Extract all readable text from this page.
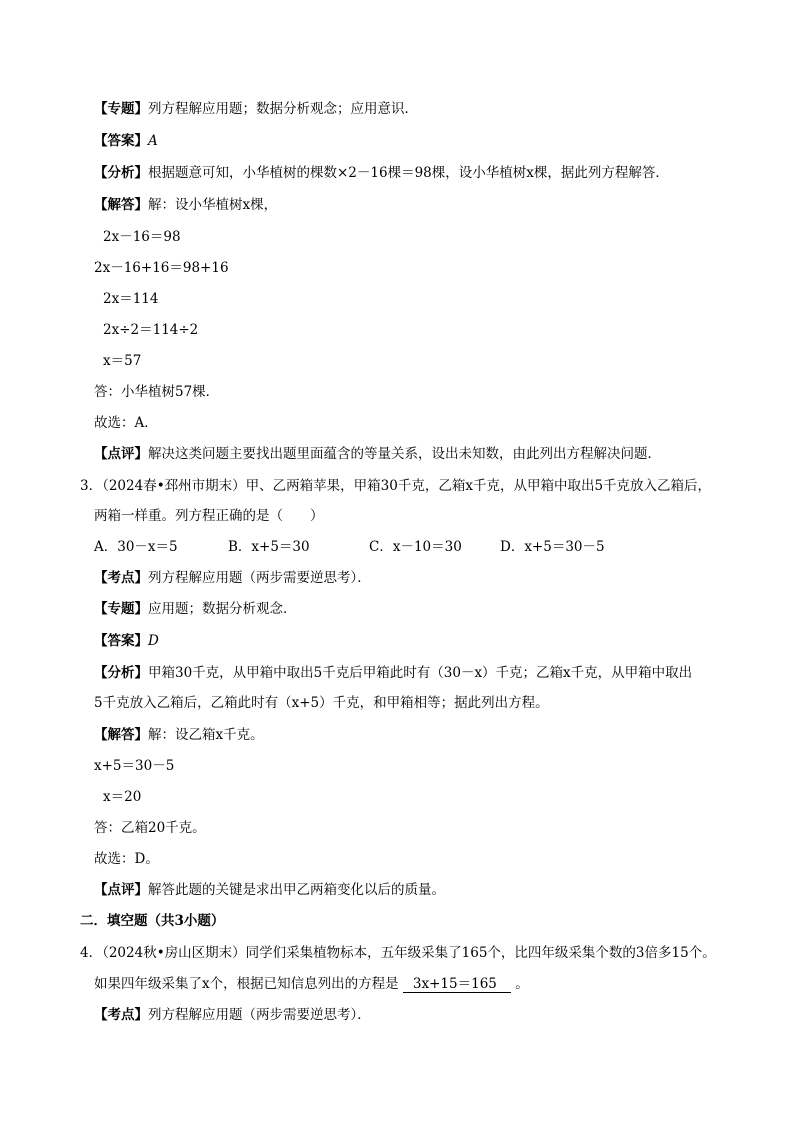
【专题】列方程解应用题；数据分析观念；应用意识．
【答案】A
【分析】根据题意可知，小华植树的棵数×2－16棵＝98棵，设小华植树x棵，据此列方程解答．
【解答】解：设小华植树x棵，
2x－16＝98
2x－16+16＝98+16
2x＝114
2x÷2＝114÷2
x＝57
答：小华植树57棵．
故选：A．
【点评】解决这类问题主要找出题里面蕴含的等量关系，设出未知数，由此列出方程解决问题．
3．（2024春•邳州市期末）甲、乙两箱苹果，甲箱30千克，乙箱x千克，从甲箱中取出5千克放入乙箱后，
两箱一样重。列方程正确的是（　　）
A．30－x＝5	B．x+5＝30	C．x－10＝30	D．x+5＝30－5
【考点】列方程解应用题（两步需要逆思考）．
【专题】应用题；数据分析观念．
【答案】D
【分析】甲箱30千克，从甲箱中取出5千克后甲箱此时有（30－x）千克；乙箱x千克，从甲箱中取出
5千克放入乙箱后，乙箱此时有（x+5）千克，和甲箱相等；据此列出方程。
【解答】解：设乙箱x千克。
x+5＝30－5
x＝20
答：乙箱20千克。
故选：D。
【点评】解答此题的关键是求出甲乙两箱变化以后的质量。
二．填空题（共3小题）
4．（2024秋•房山区期末）同学们采集植物标本，五年级采集了165个，比四年级采集个数的3倍多15个。
如果四年级采集了x个，根据已知信息列出的方程是 3x+15＝165 。
【考点】列方程解应用题（两步需要逆思考）．
